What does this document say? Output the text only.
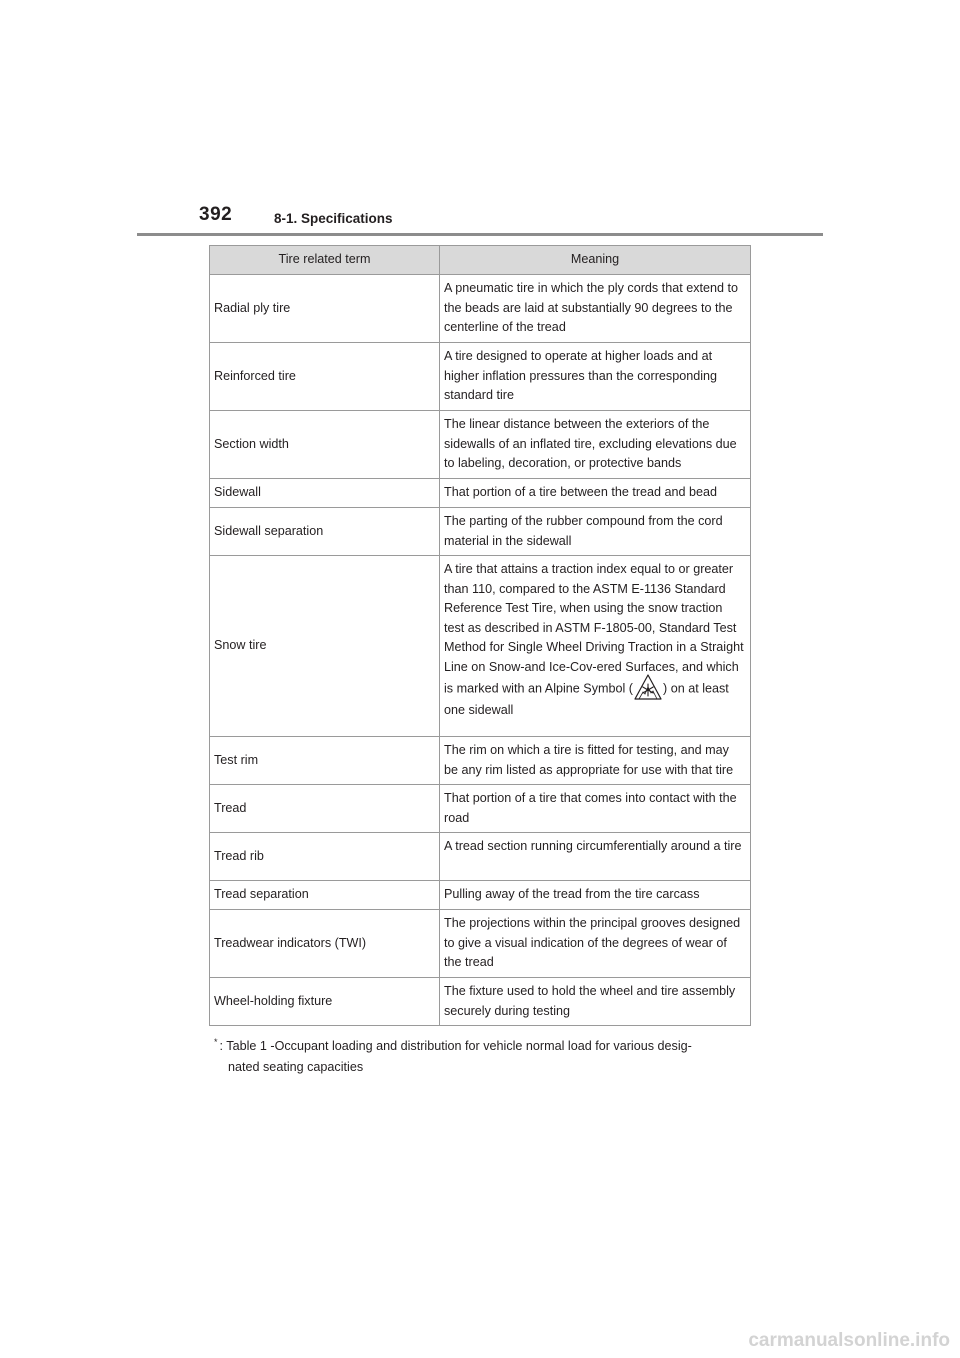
392	8-1. Specifications
Tire related term	Meaning
Radial ply tire	A pneumatic tire in which the ply cords that extend to the beads are laid at substantially 90 degrees to the centerline of the tread
Reinforced tire	A tire designed to operate at higher loads and at higher inflation pressures than the corresponding standard tire
Section width	The linear distance between the exteriors of the sidewalls of an inflated tire, excluding elevations due to labeling, decoration, or protective bands
Sidewall	That portion of a tire between the tread and bead
Sidewall separation	The parting of the rubber compound from the cord material in the sidewall
Snow tire	A tire that attains a traction index equal to or greater than 110, compared to the ASTM E-1136 Standard Reference Test Tire, when using the snow traction test as described in ASTM F-1805-00, Standard Test Method for Single Wheel Driving Traction in a Straight Line on Snow-and Ice-Cov-ered Surfaces, and which is marked with an Alpine Symbol ( ) on at least one sidewall
Test rim	The rim on which a tire is fitted for testing, and may be any rim listed as appropriate for use with that tire
Tread	That portion of a tire that comes into contact with the road
Tread rib	A tread section running circumferentially around a tire
Tread separation	Pulling away of the tread from the tire carcass
Treadwear indicators (TWI)	The projections within the principal grooves designed to give a visual indication of the degrees of wear of the tread
Wheel-holding fixture	The fixture used to hold the wheel and tire assembly securely during testing
* : Table 1 -Occupant loading and distribution for vehicle normal load for various desig-
nated seating capacities
carmanualsonline.info
